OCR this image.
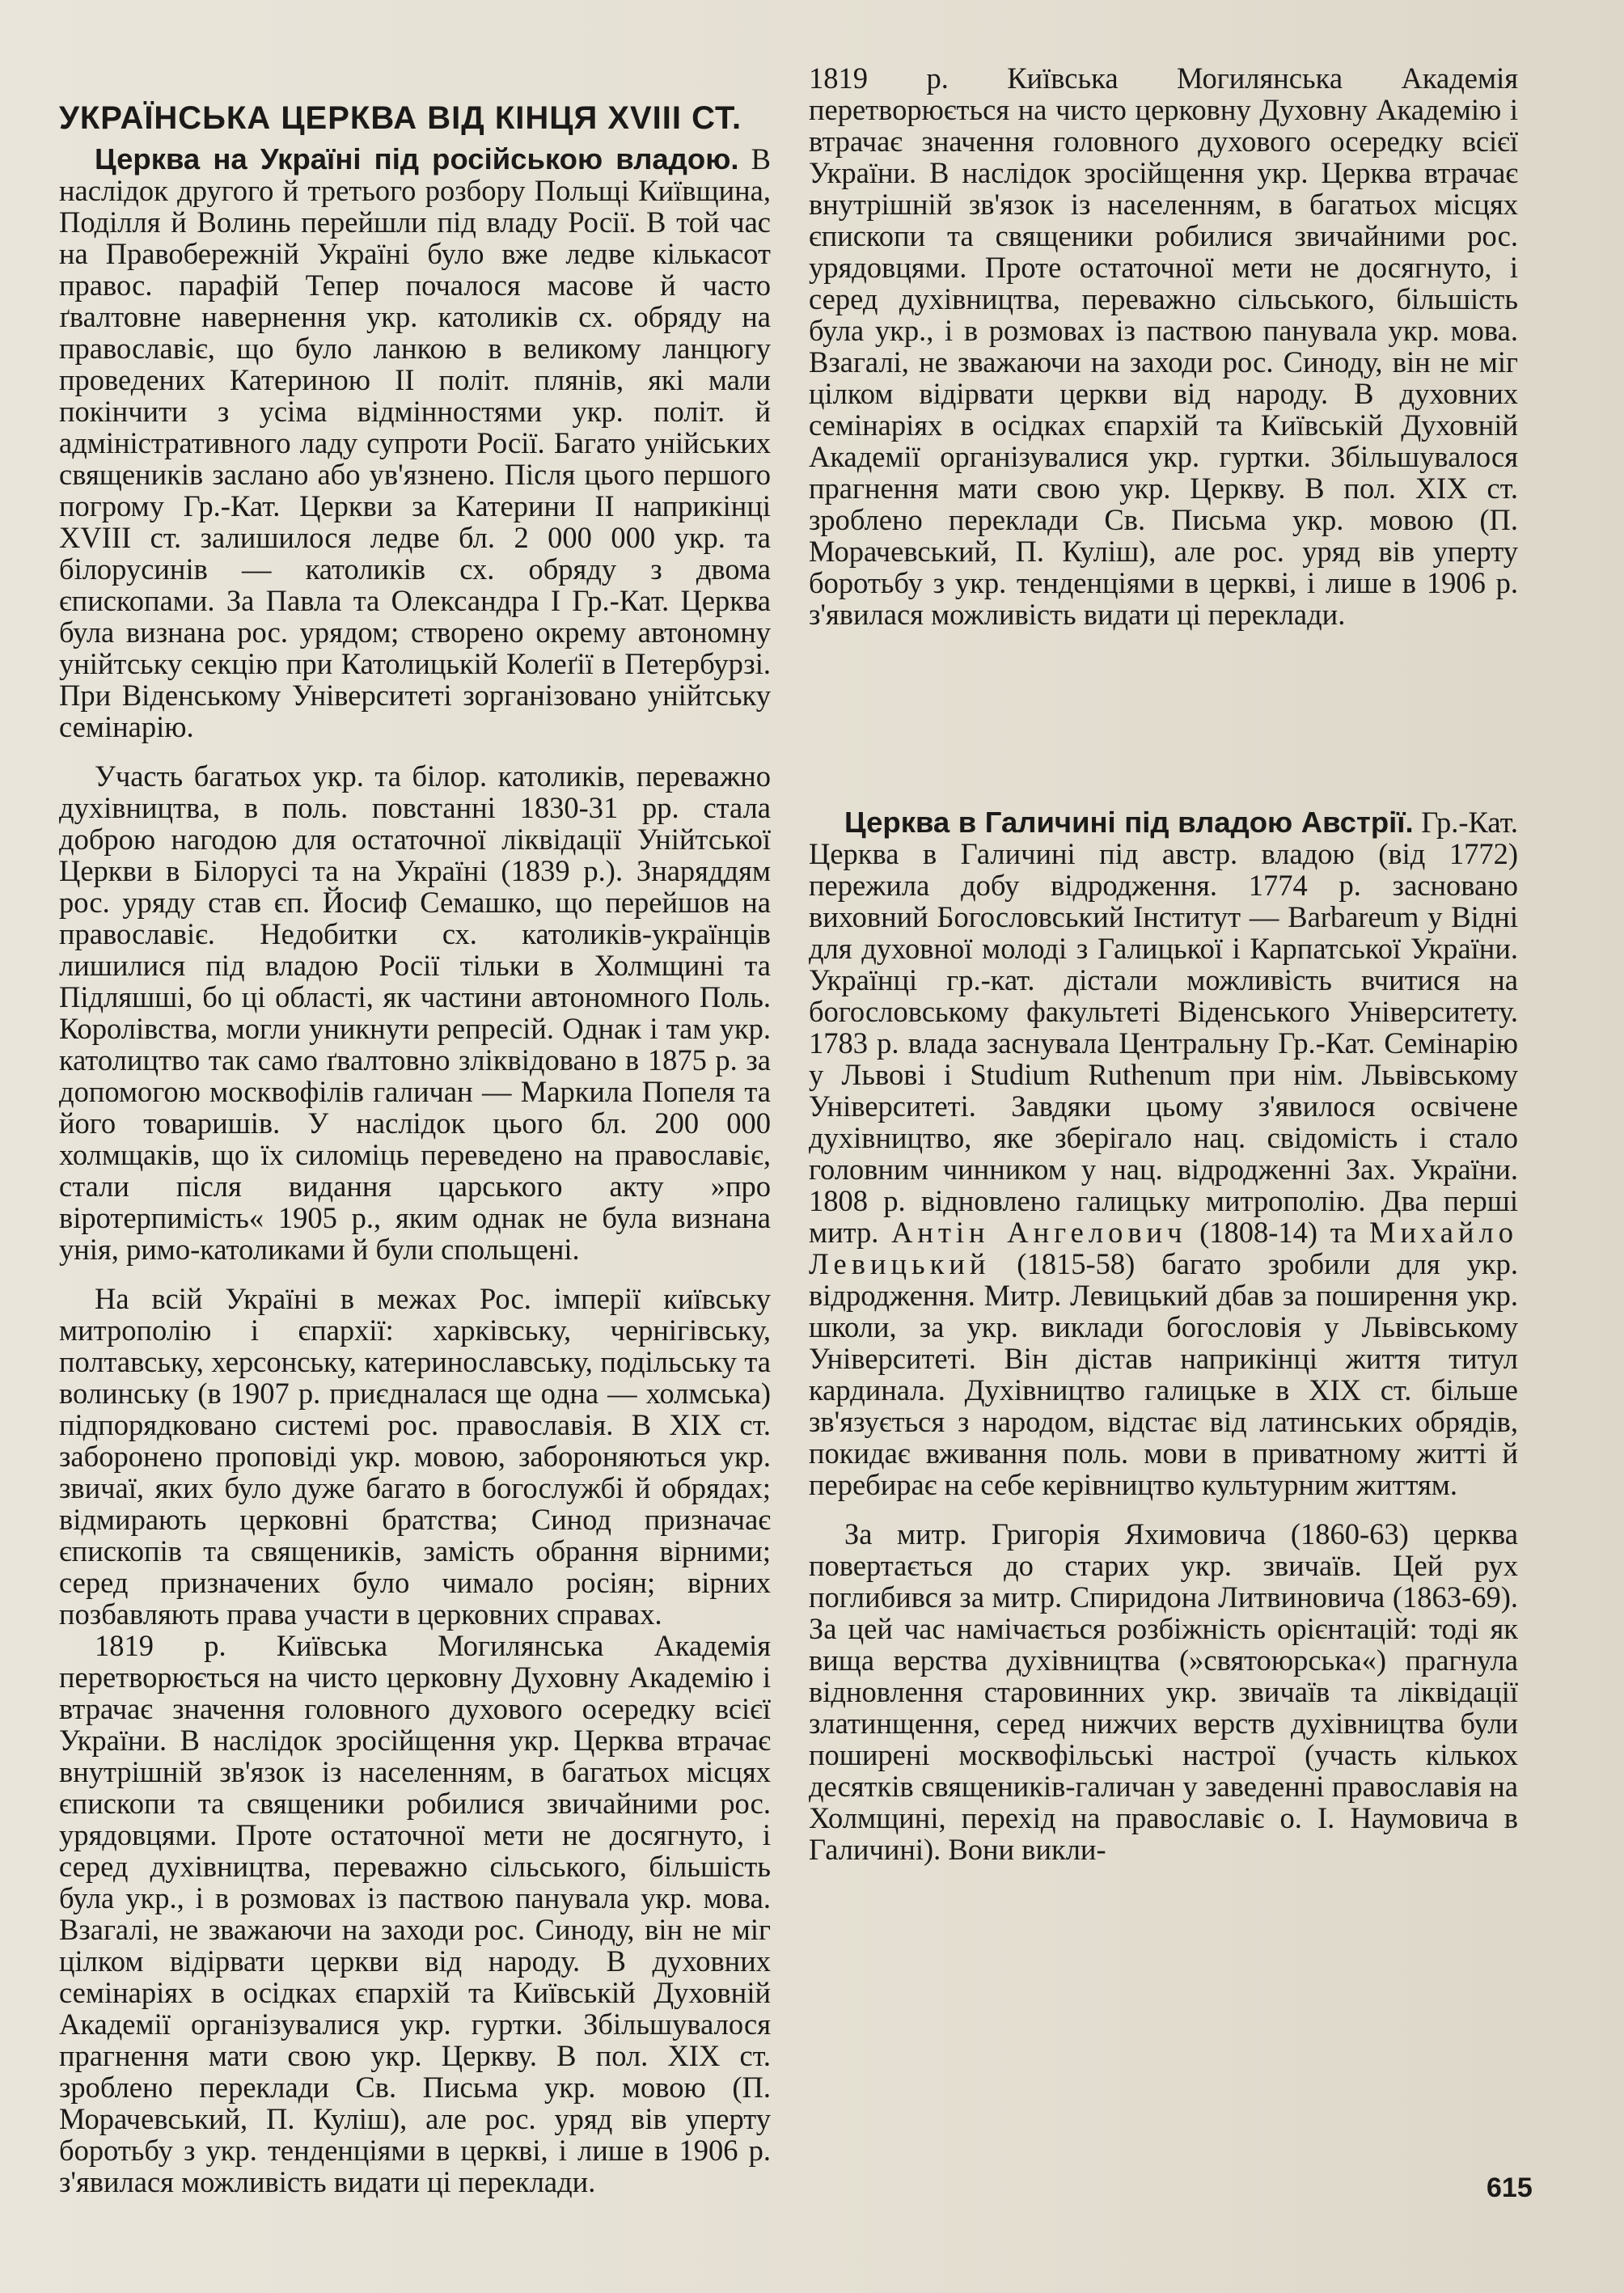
УКРАЇНСЬКА ЦЕРКВА ВІД КІНЦЯ XVIII СТ.

Церква на Україні під російською владою. В наслідок другого й третього розбору Польщі Київщина, Поділля й Волинь перейшли під владу Росії. В той час на Правобережній Україні було вже ледве кількасот правос. парафій Тепер почалося масове й часто ґвалтовне навернення укр. католиків сх. обряду на православіє, що було ланкою в великому ланцюгу проведених Катериною II політ. плянів, які мали покінчити з усіма відмінностями укр. політ. й адміністративного ладу супроти Росії. Багато унійських священиків заслано або ув'язнено. Після цього першого погрому Гр.-Кат. Церкви за Катерини II наприкінці XVIII ст. залишилося ледве бл. 2 000 000 укр. та білорусинів — католиків сх. обряду з двома єпископами. За Павла та Олександра I Гр.-Кат. Церква була визнана рос. урядом; створено окрему автономну унійтську секцію при Католицькій Колеґії в Петербурзі. При Віденському Університеті зорганізовано унійтську семінарію.

Участь багатьох укр. та білор. католиків, переважно духівництва, в поль. повстанні 1830-31 рр. стала доброю нагодою для остаточної ліквідації Унійтської Церкви в Білорусі та на Україні (1839 р.). Знаряддям рос. уряду став єп. Йосиф Семашко, що перейшов на православіє. Недобитки сх. католиків-українців лишилися під владою Росії тільки в Холмщині та Підляшші, бо ці області, як частини автономного Поль. Королівства, могли уникнути репресій. Однак і там укр. католицтво так само ґвалтовно зліквідовано в 1875 р. за допомогою москвофілів галичан — Маркила Попеля та його товаришів. У наслідок цього бл. 200 000 холмщаків, що їх силоміць переведено на православіє, стали після видання царського акту »про віротерпимість« 1905 р., яким однак не була визнана унія, римо-католиками й були спольщені.

На всій Україні в межах Рос. імперії київську митрополію і єпархії: харківську, чернігівську, полтавську, херсонську, катеринославську, подільську та волинську (в 1907 р. приєдналася ще одна — холмська) підпорядковано системі рос. православія. В XIX ст. заборонено проповіді укр. мовою, забороняються укр. звичаї, яких було дуже багато в богослужбі й обрядах; відмирають церковні братства; Синод призначає єпископів та священиків, замість обрання вірними; серед призначених було чимало росіян; вірних позбавляють права участи в церковних справах.

1819 р. Київська Могилянська Академія перетворюється на чисто церковну Духовну Академію і втрачає значення головного духового осередку всієї України. В наслідок зросійщення укр. Церква втрачає внутрішній зв'язок із населенням, в багатьох місцях єпископи та священики робилися звичайними рос. урядовцями. Проте остаточної мети не досягнуто, і серед духівництва, переважно сільського, більшість була укр., і в розмовах із паствою панувала укр. мова. Взагалі, не зважаючи на заходи рос. Синоду, він не міг цілком відірвати церкви від народу. В духовних семінаріях в осідках єпархій та Київській Духовній Академії організувалися укр. гуртки. Збільшувалося прагнення мати свою укр. Церкву. В пол. XIX ст. зроблено переклади Св. Письма укр. мовою (П. Морачевський, П. Куліш), але рос. уряд вів уперту боротьбу з укр. тенденціями в церкві, і лише в 1906 р. з'явилася можливість видати ці переклади.

1819 р. Київська Могилянська Академія перетворюється на чисто церковну Духовну Академію і втрачає значення головного духового осередку всієї України. В наслідок зросійщення укр. Церква втрачає внутрішній зв'язок із населенням, в багатьох місцях єпископи та священики робилися звичайними рос. урядовцями. Проте остаточної мети не досягнуто, і серед духівництва, переважно сільського, більшість була укр., і в розмовах із паствою панувала укр. мова. Взагалі, не зважаючи на заходи рос. Синоду, він не міг цілком відірвати церкви від народу. В духовних семінаріях в осідках єпархій та Київській Духовній Академії організувалися укр. гуртки. Збільшувалося прагнення мати свою укр. Церкву. В пол. XIX ст. зроблено переклади Св. Письма укр. мовою (П. Морачевський, П. Куліш), але рос. уряд вів уперту боротьбу з укр. тенденціями в церкві, і лише в 1906 р. з'явилася можливість видати ці переклади.

Церква в Галичині під владою Австрії. Гр.-Кат. Церква в Галичині під австр. владою (від 1772) пережила добу відродження. 1774 р. засновано виховний Богословський Інститут — Barbareum у Відні для духовної молоді з Галицької і Карпатської України. Українці гр.-кат. дістали можливість вчитися на богословському факультеті Віденського Університету. 1783 р. влада заснувала Центральну Гр.-Кат. Семінарію у Львові і Studium Ruthenum при нім. Львівському Університеті. Завдяки цьому з'явилося освічене духівництво, яке зберігало нац. свідомість і стало головним чинником у нац. відродженні Зах. України. 1808 р. відновлено галицьку митрополію. Два перші митр. Антін Ангелович (1808-14) та Михайло Левицький (1815-58) багато зробили для укр. відродження. Митр. Левицький дбав за поширення укр. школи, за укр. виклади богословія у Львівському Університеті. Він дістав наприкінці життя титул кардинала. Духівництво галицьке в XIX ст. більше зв'язується з народом, відстає від латинських обрядів, покидає вживання поль. мови в приватному житті й перебирає на себе керівництво культурним життям.

За митр. Григорія Яхимовича (1860-63) церква повертається до старих укр. звичаїв. Цей рух поглибився за митр. Спиридона Литвиновича (1863-69). За цей час намічається розбіжність орієнтацій: тоді як вища верства духівництва (»святоюрська«) прагнула відновлення старовинних укр. звичаїв та ліквідації златинщення, серед нижчих верств духівництва були поширені москвофільські настрої (участь кількох десятків священиків-галичан у заведенні православія на Холмщині, перехід на православіє о. І. Наумовича в Галичині). Вони викли-

615
